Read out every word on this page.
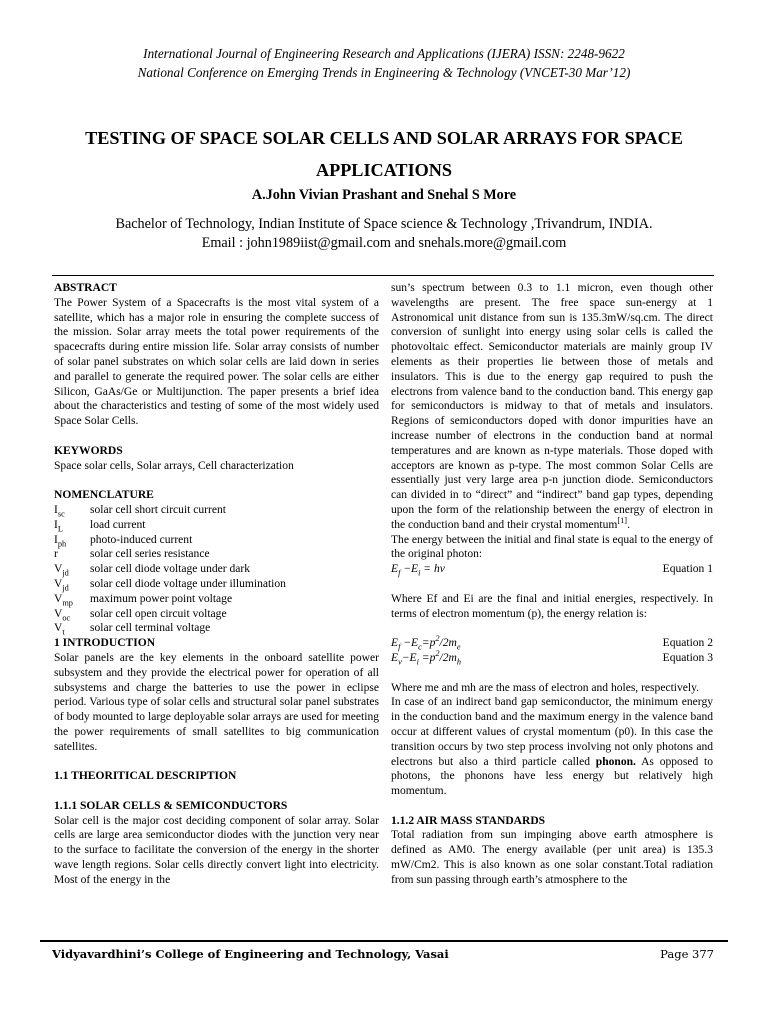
International Journal of Engineering Research and Applications (IJERA) ISSN: 2248-9622
National Conference on Emerging Trends in Engineering & Technology (VNCET-30 Mar’12)
TESTING OF SPACE SOLAR CELLS AND SOLAR ARRAYS FOR SPACE APPLICATIONS
A.John Vivian Prashant and Snehal S More
Bachelor of Technology, Indian Institute of Space science & Technology ,Trivandrum, INDIA.
Email : john1989iist@gmail.com and snehals.more@gmail.com

ABSTRACT

The Power System of a Spacecrafts is the most vital system of a satellite, which has a major role in ensuring the complete success of the mission. Solar array meets the total power requirements of the spacecrafts during entire mission life. Solar array consists of number of solar panel substrates on which solar cells are laid down in series and parallel to generate the required power. The solar cells are either Silicon, GaAs/Ge or Multijunction. The paper presents a brief idea about the characteristics and testing of some of the most widely used Space Solar Cells.

KEYWORDS

Space solar cells, Solar arrays, Cell characterization

NOMENCLATURE

$I_{sc}$	solar cell short circuit current
$I_L$	load current
$I_{ph}$	photo-induced current
r	solar cell series resistance
$V_{jd}$	solar cell diode voltage under dark
$V_{jd}$	solar cell diode voltage under illumination
$V_{mp}$	maximum power point voltage
$V_{oc}$	solar cell open circuit voltage
$V_t$	solar cell terminal voltage

1 INTRODUCTION

Solar panels are the key elements in the onboard satellite power subsystem and they provide the electrical power for operation of all subsystems and charge the batteries to use the power in eclipse period. Various type of solar cells and structural solar panel substrates of body mounted to large deployable solar arrays are used for meeting the power requirements of small satellites to big communication satellites.

1.1 THEORITICAL DESCRIPTION

1.1.1 SOLAR CELLS & SEMICONDUCTORS

Solar cell is the major cost deciding component of solar array. Solar cells are large area semiconductor diodes with the junction very near to the surface to facilitate the conversion of the energy in the shorter wave length regions. Solar cells directly convert light into electricity. Most of the energy in the

sun’s spectrum between 0.3 to 1.1 micron, even though other wavelengths are present. The free space sun-energy at 1 Astronomical unit distance from sun is 135.3mW/sq.cm. The direct conversion of sunlight into energy using solar cells is called the photovoltaic effect. Semiconductor materials are mainly group IV elements as their properties lie between those of metals and insulators. This is due to the energy gap required to push the electrons from valence band to the conduction band. This energy gap for semiconductors is midway to that of metals and insulators. Regions of semiconductors doped with donor impurities have an increase number of electrons in the conduction band at normal temperatures and are known as n-type materials. Those doped with acceptors are known as p-type. The most common Solar Cells are essentially just very large area p-n junction diode. Semiconductors can divided in to “direct” and “indirect” band gap types, depending upon the form of the relationship between the energy of electron in the conduction band and their crystal momentum[1].

The energy between the initial and final state is equal to the energy of the original photon:

$E_f -E_i$ = hv	Equation 1

Where Ef and Ei are the final and initial energies, respectively. In terms of electron momentum (p), the energy relation is:

$E_f -E_c=p^2/2m_e$	Equation 2
$E_v-E_i =p^2/2m_h$	Equation 3

Where me and mh are the mass of electron and holes, respectively.

In case of an indirect band gap semiconductor, the minimum energy in the conduction band and the maximum energy in the valence band occur at different values of crystal momentum (p0). In this case the transition occurs by two step process involving not only photons and electrons but also a third particle called phonon. As opposed to photons, the phonons have less energy but relatively high momentum.

1.1.2 AIR MASS STANDARDS

Total radiation from sun impinging above earth atmosphere is defined as AM0. The energy available (per unit area) is 135.3 mW/Cm2. This is also known as one solar constant.Total radiation from sun passing through earth’s atmosphere to the

Vidyavardhini’s College of Engineering and Technology, Vasai	Page 377
